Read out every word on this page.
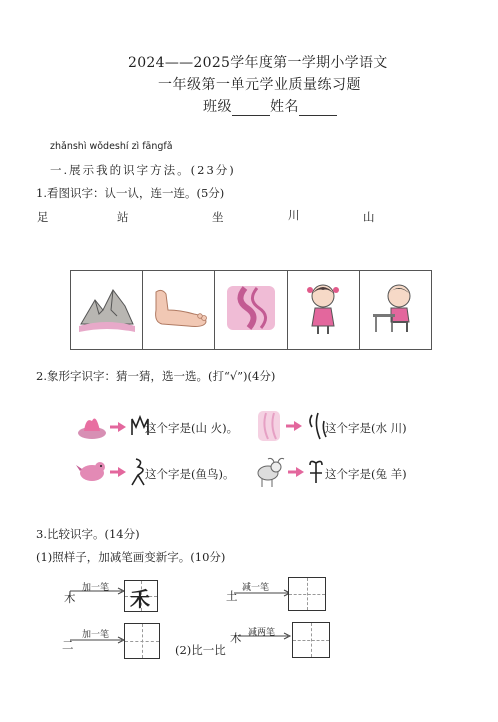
2024——2025学年度第一学期小学语文
一年级第一单元学业质量练习题
班级	姓名
zhǎnshì wǒdeshí zì fāngfǎ
一.展示我的识字方法。(23分)
1.看图识字：认一认，连一连。(5分)
足	站	坐	川	山

2.象形字识字：猜一猜，选一选。(打“√”)(4分)
这个字是(山 火)。	这个字是(水 川)
这个字是(鱼鸟)。	这个字是(兔 羊)
3.比较识字。(14分)
(1)照样子，加减笔画变新字。(10分)
木
加一笔 禾	土
减一笔
二
加一笔
(2)比一比
木 减两笔
